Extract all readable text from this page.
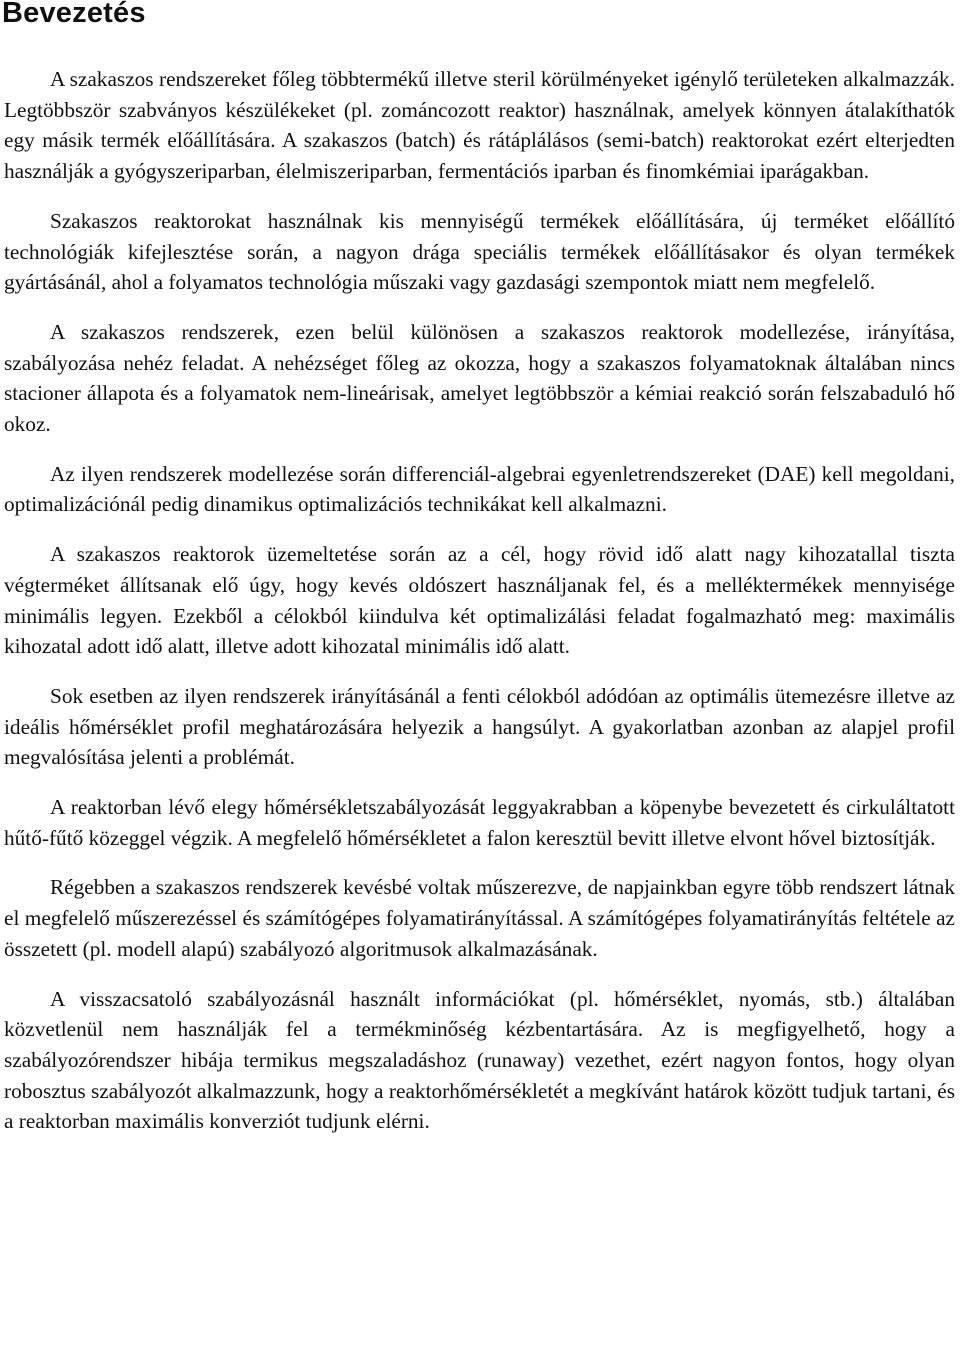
Bevezetés

A szakaszos rendszereket főleg többtermékű illetve steril körülményeket igénylő területeken alkalmazzák. Legtöbbször szabványos készülékeket (pl. zománcozott reaktor) használnak, amelyek könnyen átalakíthatók egy másik termék előállítására. A szakaszos (batch) és rátáplálásos (semi-batch) reaktorokat ezért elterjedten használják a gyógyszeriparban, élelmiszeriparban, fermentációs iparban és finomkémiai iparágakban.

Szakaszos reaktorokat használnak kis mennyiségű termékek előállítására, új terméket előállító technológiák kifejlesztése során, a nagyon drága speciális termékek előállításakor és olyan termékek gyártásánál, ahol a folyamatos technológia műszaki vagy gazdasági szempontok miatt nem megfelelő.

A szakaszos rendszerek, ezen belül különösen a szakaszos reaktorok modellezése, irányítása, szabályozása nehéz feladat. A nehézséget főleg az okozza, hogy a szakaszos folyamatoknak általában nincs stacioner állapota és a folyamatok nem-lineárisak, amelyet legtöbbször a kémiai reakció során felszabaduló hő okoz.

Az ilyen rendszerek modellezése során differenciál-algebrai egyenletrendszereket (DAE) kell megoldani, optimalizációnál pedig dinamikus optimalizációs technikákat kell alkalmazni.

A szakaszos reaktorok üzemeltetése során az a cél, hogy rövid idő alatt nagy kihozatallal tiszta végterméket állítsanak elő úgy, hogy kevés oldószert használjanak fel, és a melléktermékek mennyisége minimális legyen. Ezekből a célokból kiindulva két optimalizálási feladat fogalmazható meg: maximális kihozatal adott idő alatt, illetve adott kihozatal minimális idő alatt.

Sok esetben az ilyen rendszerek irányításánál a fenti célokból adódóan az optimális ütemezésre illetve az ideális hőmérséklet profil meghatározására helyezik a hangsúlyt. A gyakorlatban azonban az alapjel profil megvalósítása jelenti a problémát.

A reaktorban lévő elegy hőmérsékletszabályozását leggyakrabban a köpenybe bevezetett és cirkuláltatott hűtő-fűtő közeggel végzik. A megfelelő hőmérsékletet a falon keresztül bevitt illetve elvont hővel biztosítják.

Régebben a szakaszos rendszerek kevésbé voltak műszerezve, de napjainkban egyre több rendszert látnak el megfelelő műszerezéssel és számítógépes folyamatirányítással. A számítógépes folyamatirányítás feltétele az összetett (pl. modell alapú) szabályozó algoritmusok alkalmazásának.

A visszacsatoló szabályozásnál használt információkat (pl. hőmérséklet, nyomás, stb.) általában közvetlenül nem használják fel a termékminőség kézbentartására. Az is megfigyelhető, hogy a szabályozórendszer hibája termikus megszaladáshoz (runaway) vezethet, ezért nagyon fontos, hogy olyan robosztus szabályozót alkalmazzunk, hogy a reaktorhőmérsékletét a megkívánt határok között tudjuk tartani, és a reaktorban maximális konverziót tudjunk elérni.
